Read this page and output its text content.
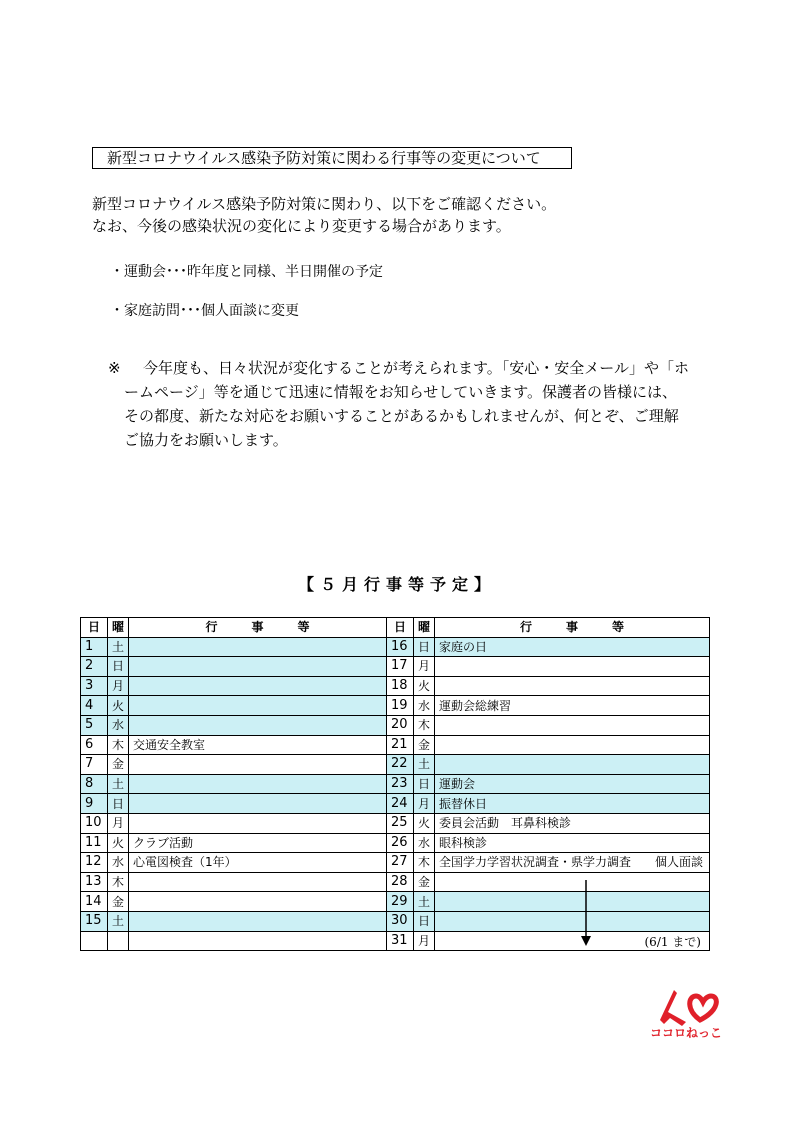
新型コロナウイルス感染予防対策に関わる行事等の変更について
新型コロナウイルス感染予防対策に関わり、以下をご確認ください。
なお、今後の感染状況の変化により変更する場合があります。
・運動会･･･昨年度と同様、半日開催の予定
・家庭訪問･･･個人面談に変更
※ 今年度も、日々状況が変化することが考えられます。｢安心・安全メール」や「ホ
ームページ」等を通じて迅速に情報をお知らせしていきます。保護者の皆様には、
その都度、新たな対応をお願いすることがあるかもしれませんが、何とぞ、ご理解
ご協力をお願いします。
【５月行事等予定】
日	曜	行事等	日	曜	行事等
1	土		16	日	家庭の日
2	日		17	月	
3	月		18	火	
4	火		19	水	運動会総練習
5	水		20	木	
6	木	交通安全教室	21	金	
7	金		22	土	
8	土		23	日	運動会
9	日		24	月	振替休日
10	月		25	火	委員会活動　耳鼻科検診
11	火	クラブ活動	26	水	眼科検診
12	水	心電図検査（1年）	27	木	全国学力学習状況調査・県学力調査　　個人面談
13	木		28	金	
14	金		29	土	
15	土		30	日	
			31	月	(6/1 まで)
ココロねっこ
